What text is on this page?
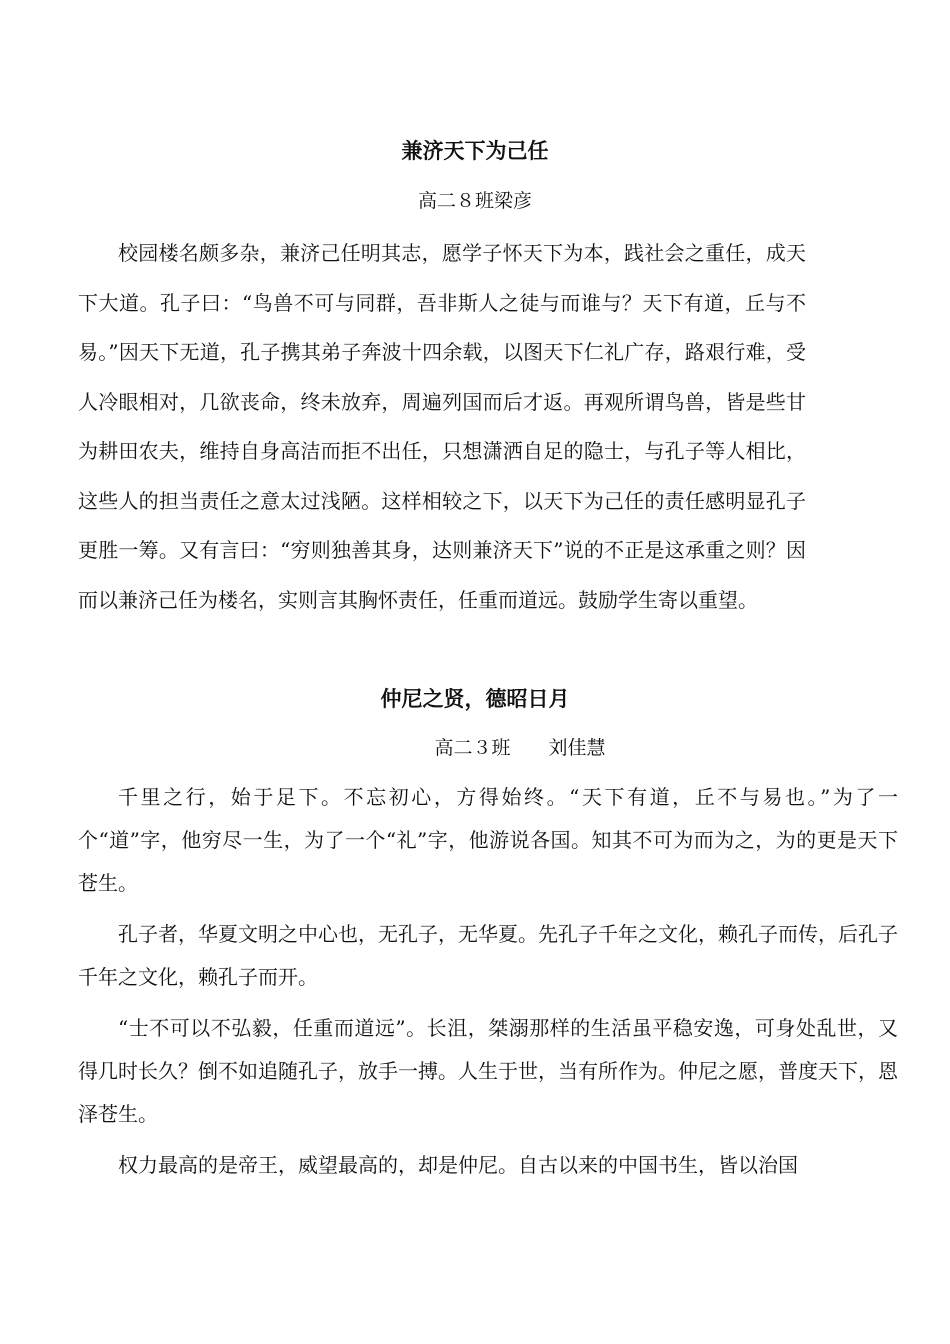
兼济天下为己任

高二８班梁彦

校园楼名颇多杂，兼济己任明其志，愿学子怀天下为本，践社会之重任，成天下大道。孔子曰：“鸟兽不可与同群，吾非斯人之徒与而谁与？天下有道，丘与不易。”因天下无道，孔子携其弟子奔波十四余载，以图天下仁礼广存，路艰行难，受人冷眼相对，几欲丧命，终未放弃，周遍列国而后才返。再观所谓鸟兽，皆是些甘为耕田农夫，维持自身高洁而拒不出任，只想潇洒自足的隐士，与孔子等人相比，这些人的担当责任之意太过浅陋。这样相较之下，以天下为己任的责任感明显孔子更胜一筹。又有言曰：“穷则独善其身，达则兼济天下”说的不正是这承重之则？因而以兼济己任为楼名，实则言其胸怀责任，任重而道远。鼓励学生寄以重望。

仲尼之贤，德昭日月

高二３班　　刘佳慧

千里之行，始于足下。不忘初心，方得始终。“天下有道，丘不与易也。”为了一个“道”字，他穷尽一生，为了一个“礼”字，他游说各国。知其不可为而为之，为的更是天下苍生。

孔子者，华夏文明之中心也，无孔子，无华夏。先孔子千年之文化，赖孔子而传，后孔子千年之文化，赖孔子而开。

“士不可以不弘毅，任重而道远”。长沮，桀溺那样的生活虽平稳安逸，可身处乱世，又得几时长久？倒不如追随孔子，放手一搏。人生于世，当有所作为。仲尼之愿，普度天下，恩泽苍生。

权力最高的是帝王，威望最高的，却是仲尼。自古以来的中国书生，皆以治国
